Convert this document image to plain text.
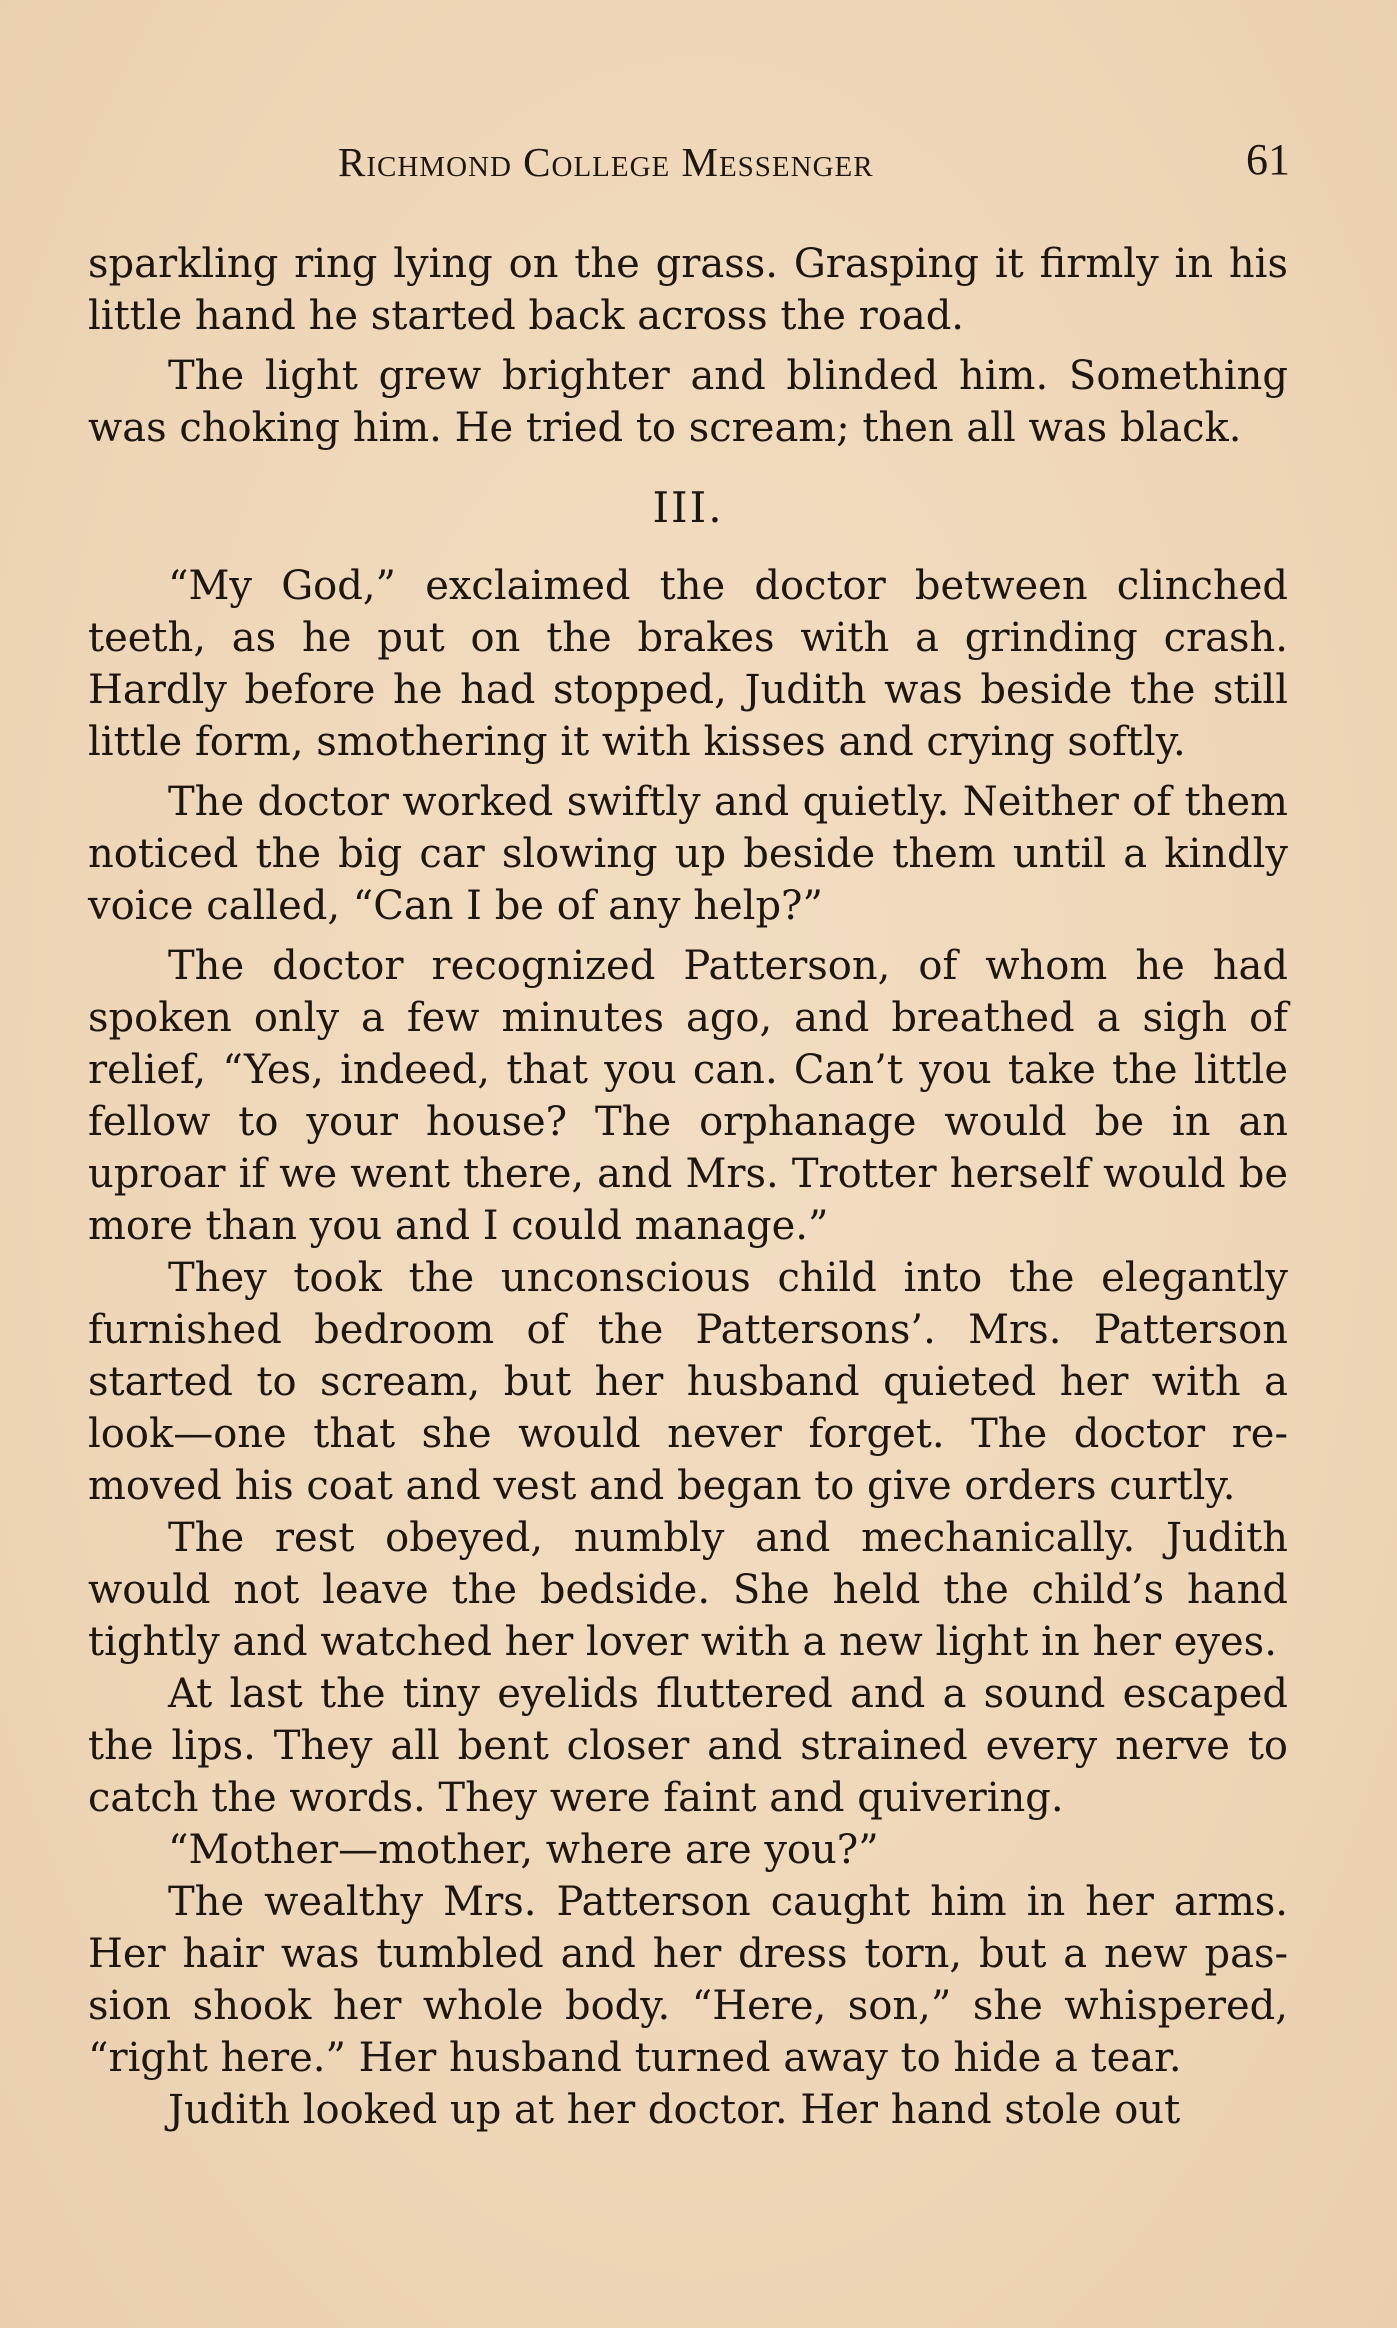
Richmond College Messenger	61

sparkling ring lying on the grass. Grasping it firmly in his little hand he started back across the road.

The light grew brighter and blinded him. Something was choking him. He tried to scream; then all was black.

III.

“My God,” exclaimed the doctor between clinched teeth, as he put on the brakes with a grinding crash. Hardly before he had stopped, Judith was beside the still little form, smothering it with kisses and crying softly.

The doctor worked swiftly and quietly. Neither of them noticed the big car slowing up beside them until a kindly voice called, “Can I be of any help?”

The doctor recognized Patterson, of whom he had spoken only a few minutes ago, and breathed a sigh of relief, “Yes, indeed, that you can. Can’t you take the little fellow to your house? The orphanage would be in an uproar if we went there, and Mrs. Trotter herself would be more than you and I could manage.”

They took the unconscious child into the elegantly furnished bedroom of the Pattersons’. Mrs. Patterson started to scream, but her husband quieted her with a look—one that she would never forget. The doctor re-moved his coat and vest and began to give orders curtly.

The rest obeyed, numbly and mechanically. Judith would not leave the bedside. She held the child’s hand tightly and watched her lover with a new light in her eyes.

At last the tiny eyelids fluttered and a sound escaped the lips. They all bent closer and strained every nerve to catch the words. They were faint and quivering.

“Mother—mother, where are you?”

The wealthy Mrs. Patterson caught him in her arms. Her hair was tumbled and her dress torn, but a new pas-sion shook her whole body. “Here, son,” she whispered, “right here.” Her husband turned away to hide a tear.

Judith looked up at her doctor. Her hand stole out
